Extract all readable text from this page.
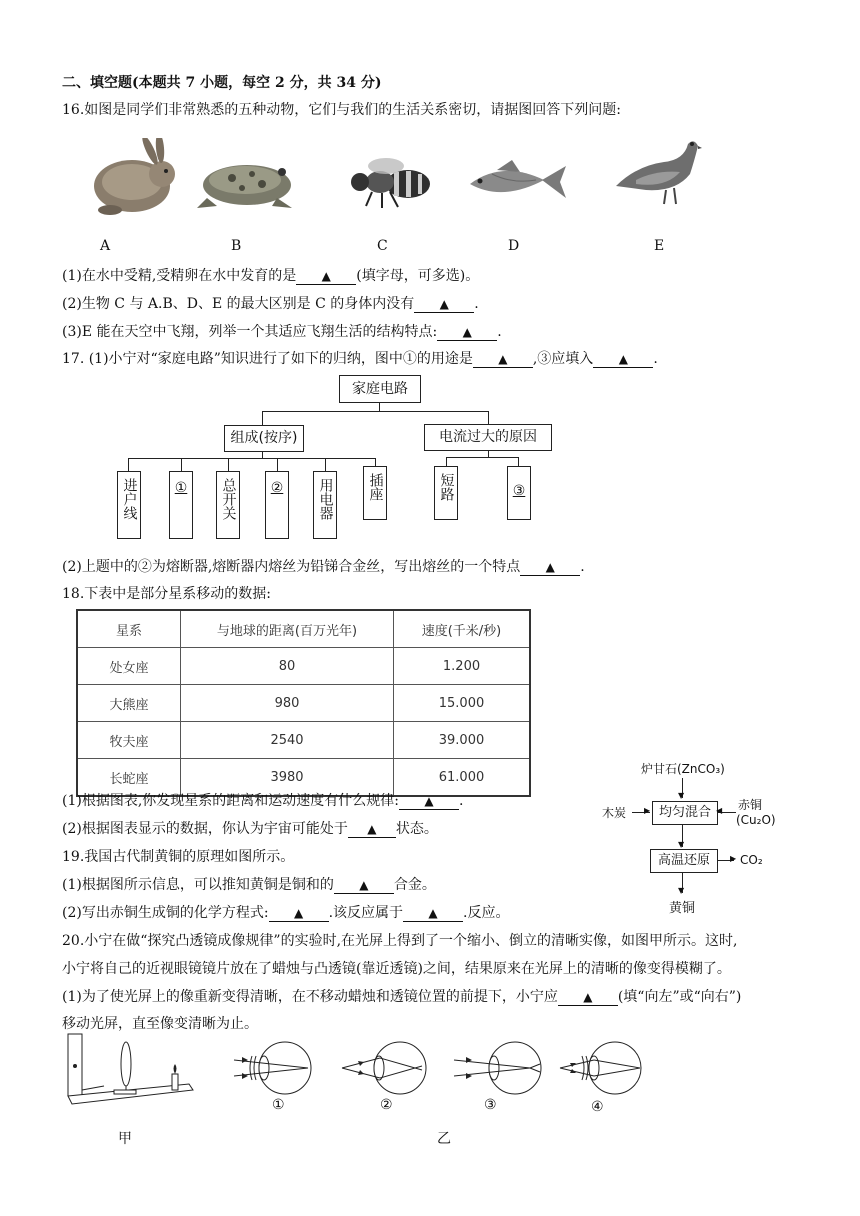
二、填空题(本题共 7 小题，每空 2 分，共 34 分)
16.如图是同学们非常熟悉的五种动物，它们与我们的生活关系密切，请据图回答下列问题:
A	B	C	D	E
(1)在水中受精,受精卵在水中发育的是 ▲ (填字母，可多选)。
(2)生物 C 与 A.B、D、E 的最大区别是 C 的身体内没有 ▲ .
(3)E 能在天空中飞翔，列举一个其适应飞翔生活的结构特点: ▲ .
17. (1)小宁对“家庭电路”知识进行了如下的归纳，图中①的用途是 ▲ ,③应填入 ▲ .
家庭电路
组成(按序)	电流过大的原因
进户线	①	总开关	②	用电器	插座	短路	③
(2)上题中的②为熔断器,熔断器内熔丝为铅锑合金丝，写出熔丝的一个特点 ▲ .
18.下表中是部分星系移动的数据:
星系	与地球的距离(百万光年)	速度(千米/秒)
处女座	80	1.200
大熊座	980	15.000
牧夫座	2540	39.000
长蛇座	3980	61.000
(1)根据图表,你发现星系的距离和运动速度有什么规律: ▲ .
(2)根据图表显示的数据，你认为宇宙可能处于 ▲ 状态。
19.我国古代制黄铜的原理如图所示。
(1)根据图所示信息，可以推知黄铜是铜和的 ▲ 合金。
(2)写出赤铜生成铜的化学方程式: ▲ .该反应属于 ▲ .反应。
炉甘石(ZnCO₃)
▼
木炭 ▶ 均匀混合 ◀ 赤铜
(Cu₂O)
▼
高温还原	▶ CO₂
▼
黄铜
20.小宁在做“探究凸透镜成像规律”的实验时,在光屏上得到了一个缩小、倒立的清晰实像，如图甲所示。这时,
小宁将自己的近视眼镜镜片放在了蜡烛与凸透镜(靠近透镜)之间，结果原来在光屏上的清晰的像变得模糊了。
(1)为了使光屏上的像重新变得清晰，在不移动蜡烛和透镜位置的前提下，小宁应 ▲ (填“向左”或“向右”)
移动光屏，直至像变清晰为止。
甲
①	②	③	④
乙
